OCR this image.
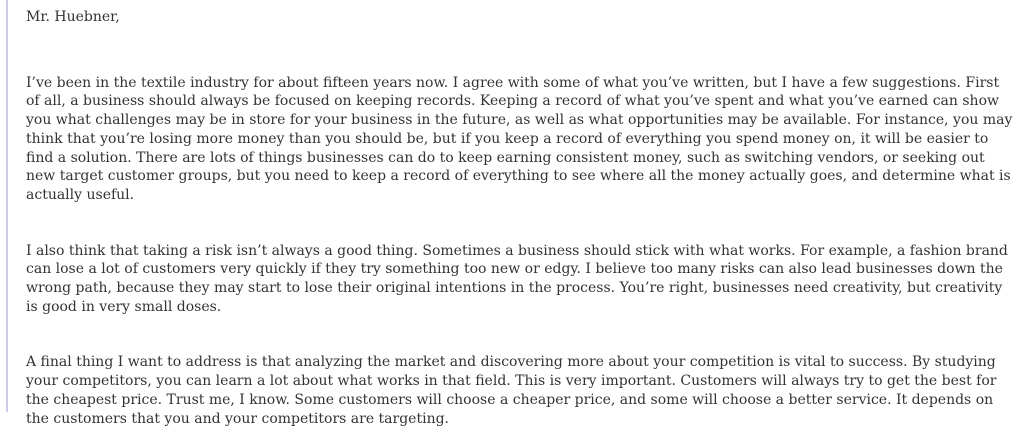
Mr. Huebner,

I’ve been in the textile industry for about fifteen years now. I agree with some of what you’ve written, but I have a few suggestions. First of all, a business should always be focused on keeping records. Keeping a record of what you’ve spent and what you’ve earned can show you what challenges may be in store for your business in the future, as well as what opportunities may be available. For instance, you may think that you’re losing more money than you should be, but if you keep a record of everything you spend money on, it will be easier to find a solution. There are lots of things businesses can do to keep earning consistent money, such as switching vendors, or seeking out new target customer groups, but you need to keep a record of everything to see where all the money actually goes, and determine what is actually useful.

I also think that taking a risk isn’t always a good thing. Sometimes a business should stick with what works. For example, a fashion brand can lose a lot of customers very quickly if they try something too new or edgy. I believe too many risks can also lead businesses down the wrong path, because they may start to lose their original intentions in the process. You’re right, businesses need creativity, but creativity is good in very small doses.

A final thing I want to address is that analyzing the market and discovering more about your competition is vital to success. By studying your competitors, you can learn a lot about what works in that field. This is very important. Customers will always try to get the best for the cheapest price. Trust me, I know. Some customers will choose a cheaper price, and some will choose a better service. It depends on the customers that you and your competitors are targeting.
